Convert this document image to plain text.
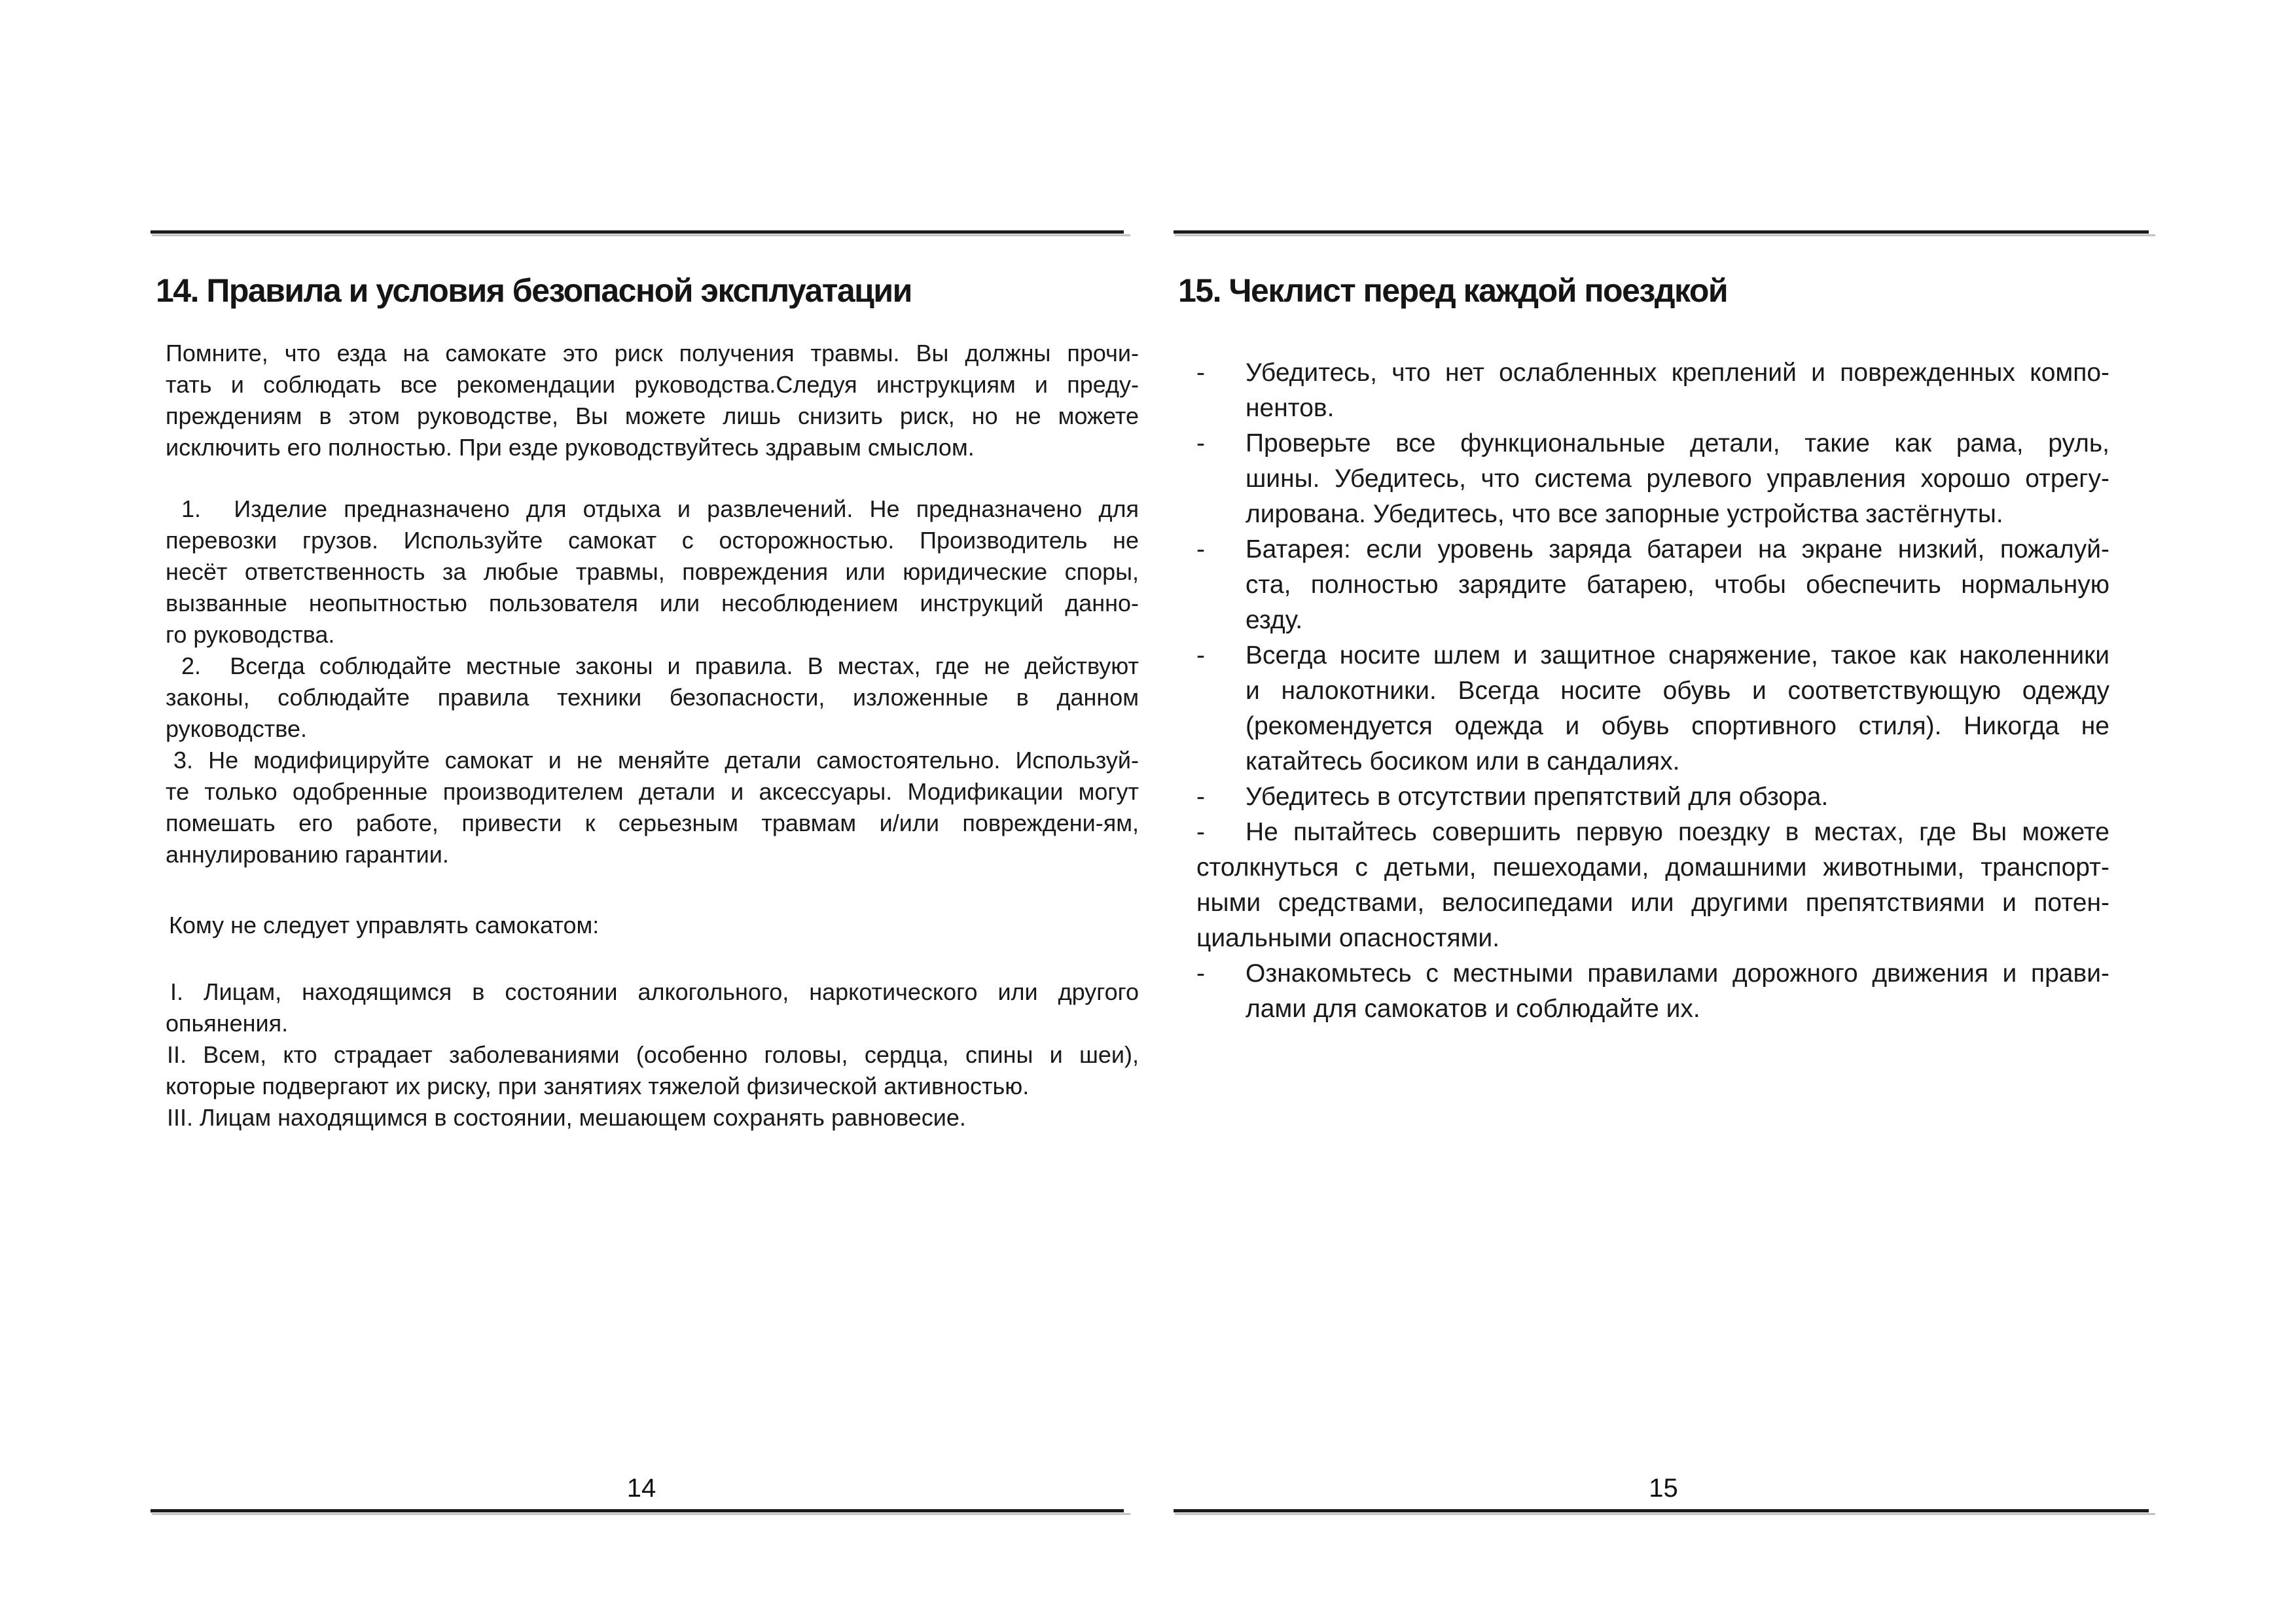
14. Правила и условия безопасной эксплуатации
Помните, что езда на самокате это риск получения травмы. Вы должны прочи-
тать и соблюдать все рекомендации руководства.Следуя инструкциям и преду-
преждениям в этом руководстве, Вы можете лишь снизить риск, но не можете
исключить его полностью. При езде руководствуйтесь здравым смыслом.
1.  Изделие предназначено для отдыха и развлечений. Не предназначено для
перевозки грузов. Используйте самокат с осторожностью. Производитель не
несёт ответственность за любые травмы, повреждения или юридические споры,
вызванные неопытностью пользователя или несоблюдением инструкций данно-
го руководства.
2.  Всегда соблюдайте местные законы и правила. В местах, где не действуют
законы, соблюдайте правила техники безопасности, изложенные в данном
руководстве.
3. Не модифицируйте самокат и не меняйте детали самостоятельно. Используй-
те только одобренные производителем детали и аксессуары. Модификации могут
помешать его работе, привести к серьезным травмам и/или повреждени-ям,
аннулированию гарантии.
Кому не следует управлять самокатом:
I. Лицам, находящимся в состоянии алкогольного, наркотического или другого
опьянения.
II. Всем, кто страдает заболеваниями (особенно головы, сердца, спины и шеи),
которые подвергают их риску, при занятиях тяжелой физической активностью.
III. Лицам находящимся в состоянии, мешающем сохранять равновесие.
14
15. Чеклист перед каждой поездкой
-	Убедитесь, что нет ослабленных креплений и поврежденных компо-
нентов.
-	Проверьте все функциональные детали, такие как рама, руль,
шины. Убедитесь, что система рулевого управления хорошо отрегу-
лирована. Убедитесь, что все запорные устройства застёгнуты.
-	Батарея: если уровень заряда батареи на экране низкий, пожалуй-
ста, полностью зарядите батарею, чтобы обеспечить нормальную
езду.
-	Всегда носите шлем и защитное снаряжение, такое как наколенники
и налокотники. Всегда носите обувь и соответствующую одежду
(рекомендуется одежда и обувь спортивного стиля). Никогда не
катайтесь босиком или в сандалиях.
-	Убедитесь в отсутствии препятствий для обзора.
-	Не пытайтесь совершить первую поездку в местах, где Вы можете
столкнуться с детьми, пешеходами, домашними животными, транспорт-
ными средствами, велосипедами или другими препятствиями и потен-
циальными опасностями.
-	Ознакомьтесь с местными правилами дорожного движения и прави-
лами для самокатов и соблюдайте их.
15
